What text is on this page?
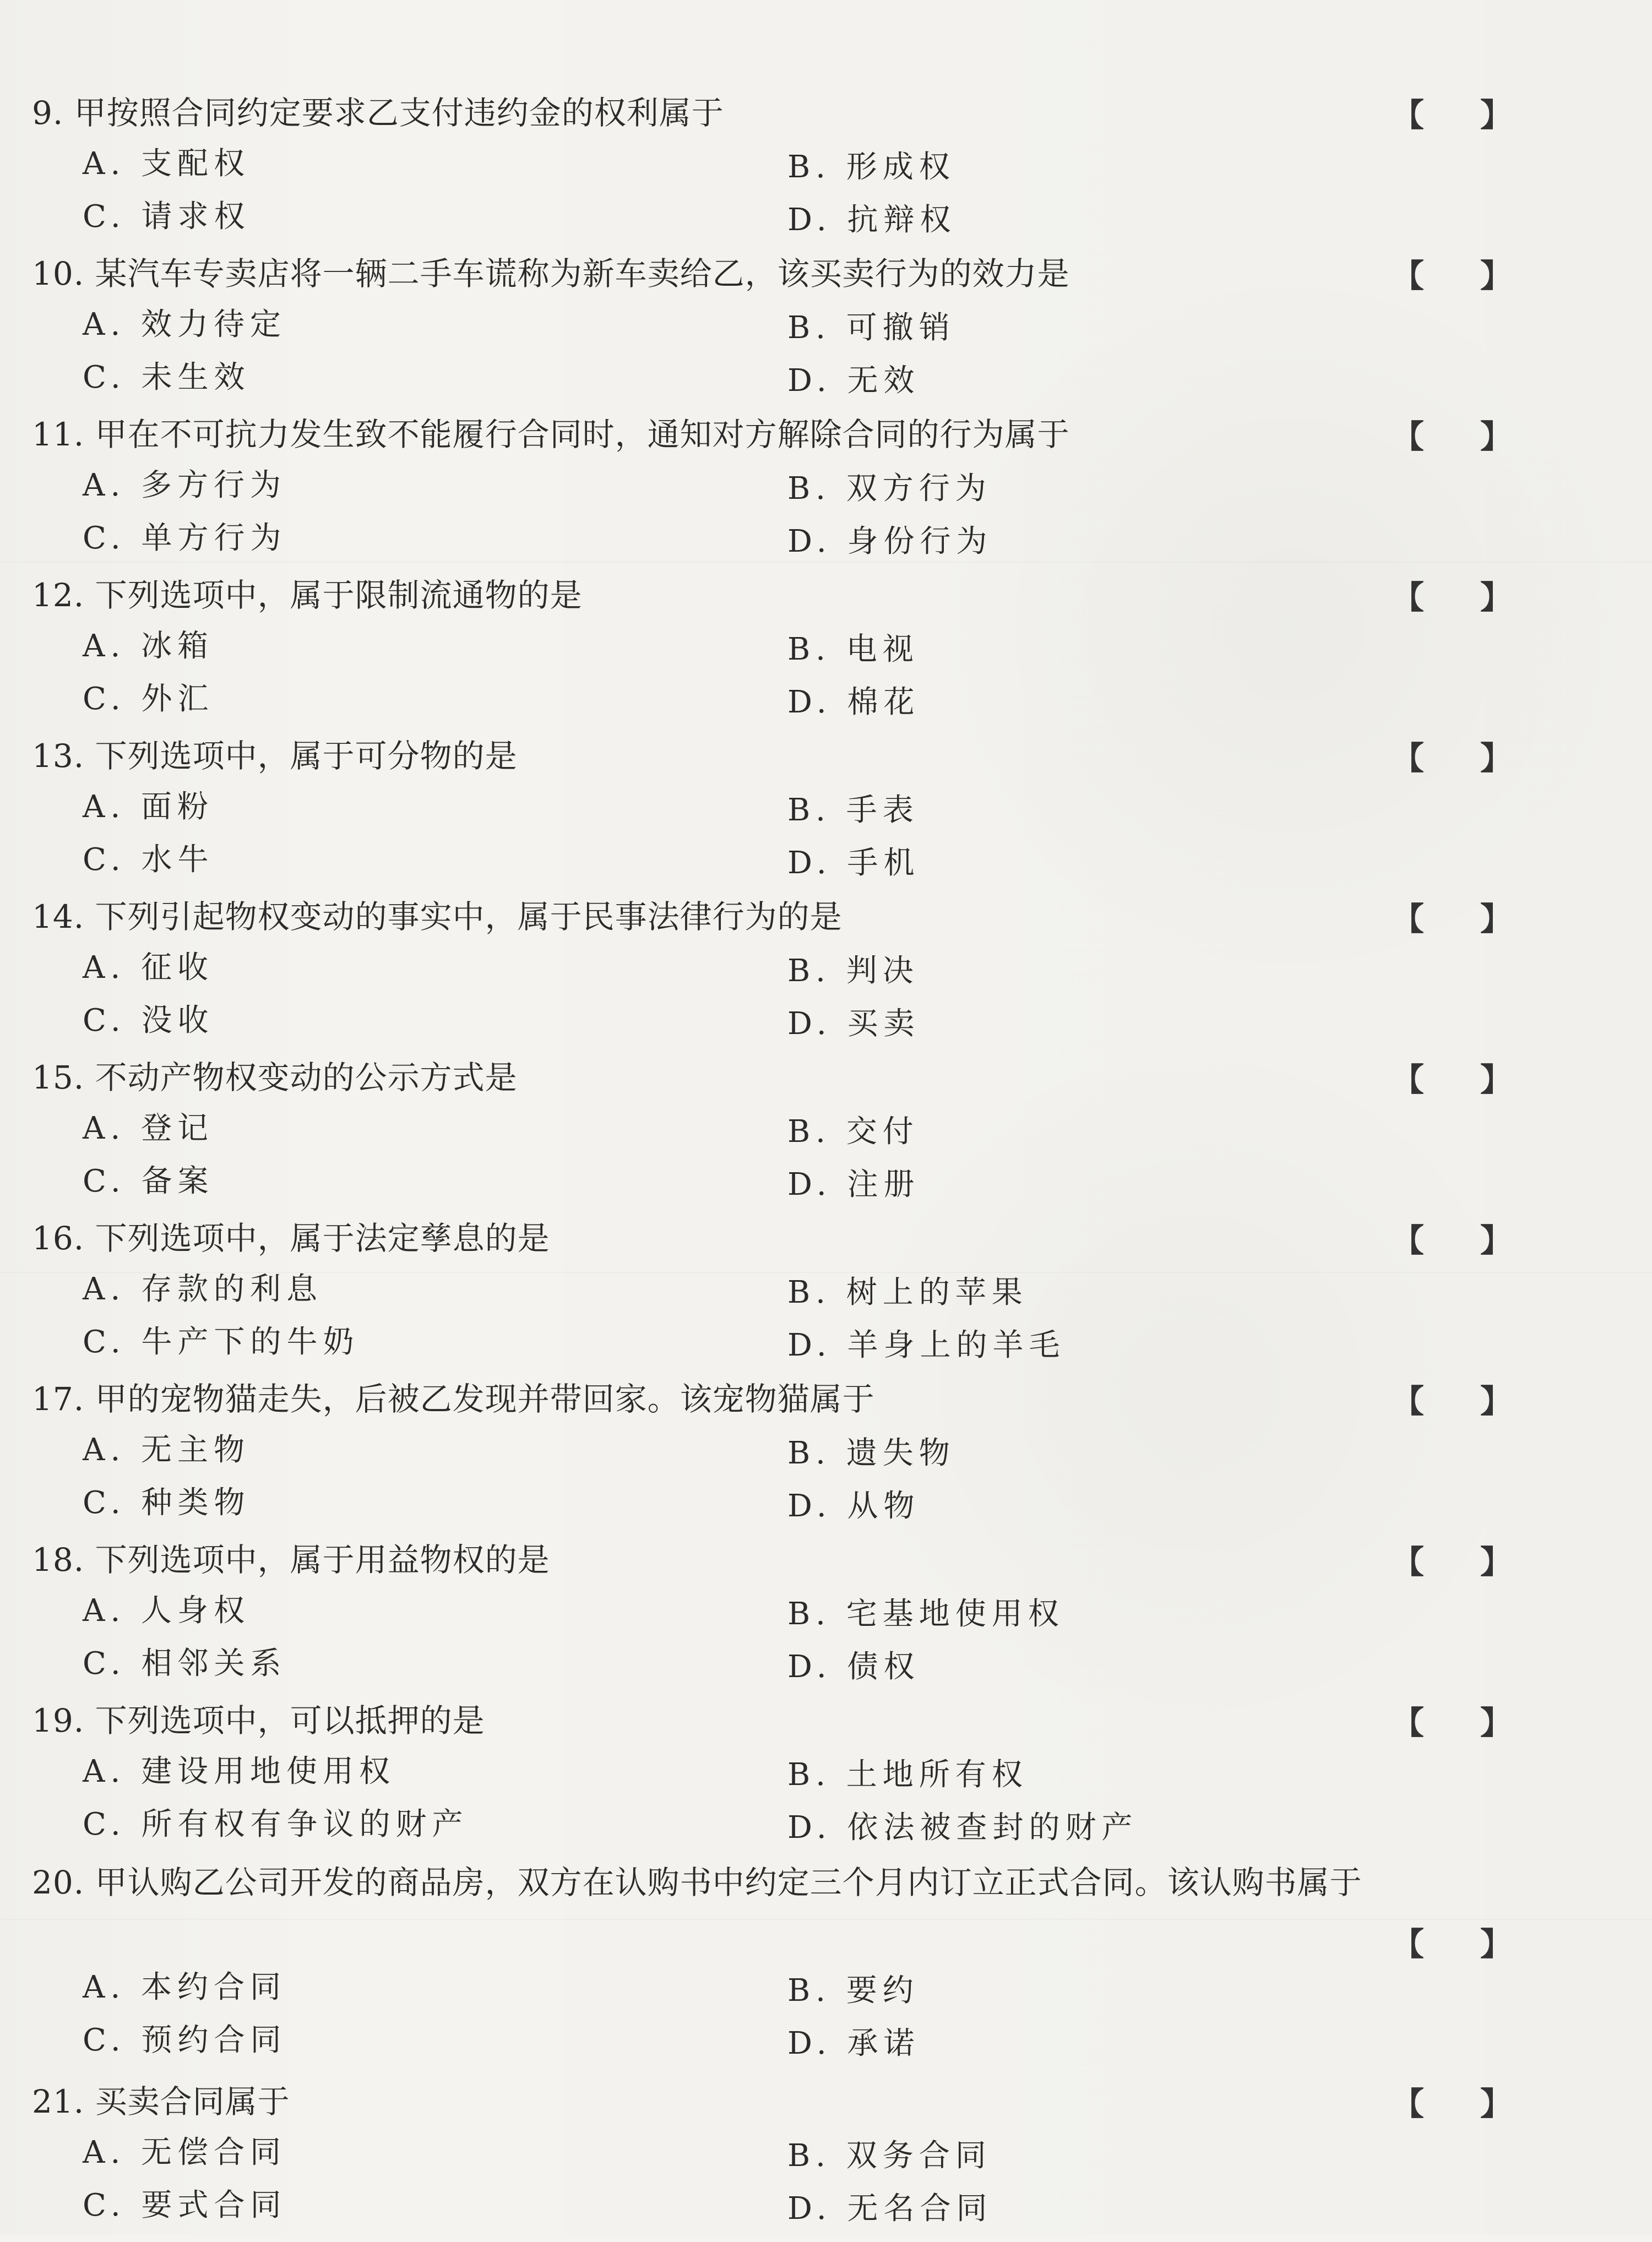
9. 甲按照合同约定要求乙支付违约金的权利属于	【 】
A. 支配权	B. 形成权
C. 请求权	D. 抗辩权
10. 某汽车专卖店将一辆二手车谎称为新车卖给乙，该买卖行为的效力是	【 】
A. 效力待定	B. 可撤销
C. 未生效	D. 无效
11. 甲在不可抗力发生致不能履行合同时，通知对方解除合同的行为属于	【 】
A. 多方行为	B. 双方行为
C. 单方行为	D. 身份行为
12. 下列选项中，属于限制流通物的是	【 】
A. 冰箱	B. 电视
C. 外汇	D. 棉花
13. 下列选项中，属于可分物的是	【 】
A. 面粉	B. 手表
C. 水牛	D. 手机
14. 下列引起物权变动的事实中，属于民事法律行为的是	【 】
A. 征收	B. 判决
C. 没收	D. 买卖
15. 不动产物权变动的公示方式是	【 】
A. 登记	B. 交付
C. 备案	D. 注册
16. 下列选项中，属于法定孳息的是	【 】
A. 存款的利息	B. 树上的苹果
C. 牛产下的牛奶	D. 羊身上的羊毛
17. 甲的宠物猫走失，后被乙发现并带回家。该宠物猫属于	【 】
A. 无主物	B. 遗失物
C. 种类物	D. 从物
18. 下列选项中，属于用益物权的是	【 】
A. 人身权	B. 宅基地使用权
C. 相邻关系	D. 债权
19. 下列选项中，可以抵押的是	【 】
A. 建设用地使用权	B. 土地所有权
C. 所有权有争议的财产	D. 依法被查封的财产
20. 甲认购乙公司开发的商品房，双方在认购书中约定三个月内订立正式合同。该认购书属于
【 】
A. 本约合同	B. 要约
C. 预约合同	D. 承诺
21. 买卖合同属于	【 】
A. 无偿合同	B. 双务合同
C. 要式合同	D. 无名合同
